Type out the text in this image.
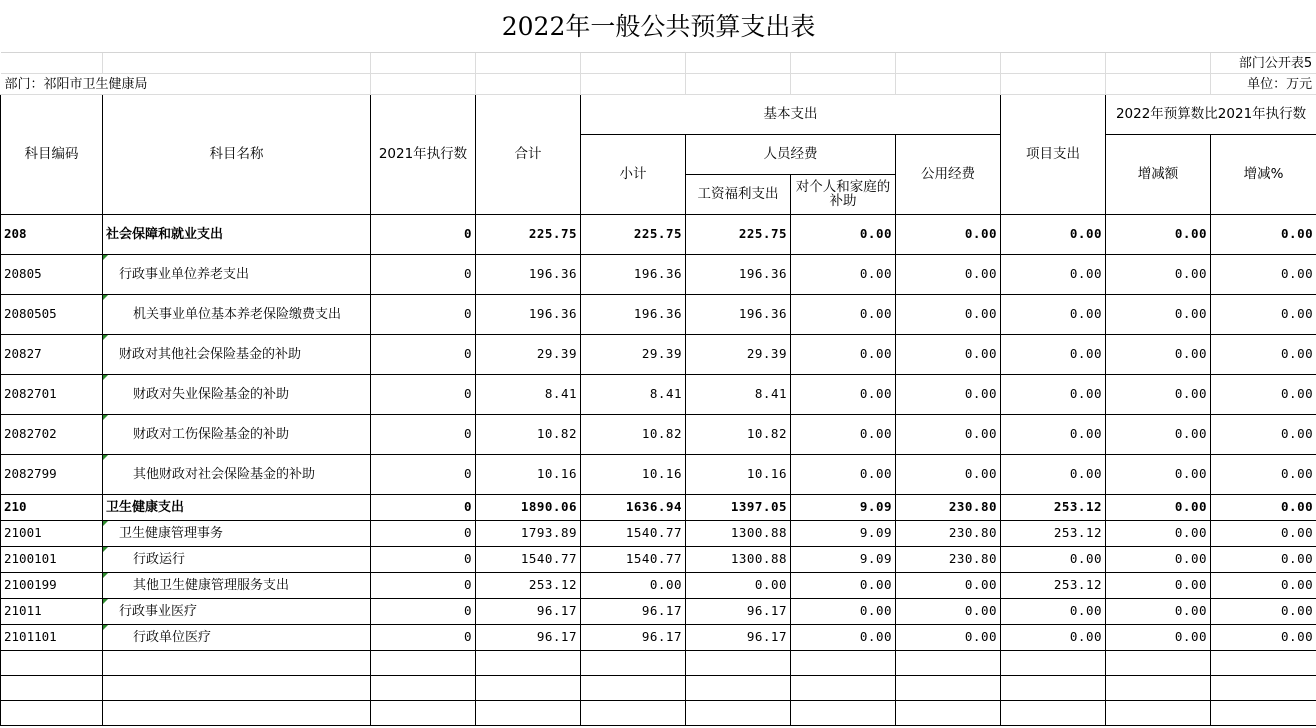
2022年一般公共预算支出表										
										部门公开表5
部门：祁阳市卫生健康局										单位：万元
科目编码	科目名称	2021年执行数	合计	基本支出				项目支出	2022年预算数比2021年执行数	
				小计	人员经费		公用经费		增减额	增减%
					工资福利支出	对个人和家庭的补助				
208	社会保障和就业支出	0	225.75	225.75	225.75	0.00	0.00	0.00	0.00	0.00
20805	行政事业单位养老支出	0	196.36	196.36	196.36	0.00	0.00	0.00	0.00	0.00
2080505	机关事业单位基本养老保险缴费支出	0	196.36	196.36	196.36	0.00	0.00	0.00	0.00	0.00
20827	财政对其他社会保险基金的补助	0	29.39	29.39	29.39	0.00	0.00	0.00	0.00	0.00
2082701	财政对失业保险基金的补助	0	8.41	8.41	8.41	0.00	0.00	0.00	0.00	0.00
2082702	财政对工伤保险基金的补助	0	10.82	10.82	10.82	0.00	0.00	0.00	0.00	0.00
2082799	其他财政对社会保险基金的补助	0	10.16	10.16	10.16	0.00	0.00	0.00	0.00	0.00
210	卫生健康支出	0	1890.06	1636.94	1397.05	9.09	230.80	253.12	0.00	0.00
21001	卫生健康管理事务	0	1793.89	1540.77	1300.88	9.09	230.80	253.12	0.00	0.00
2100101	行政运行	0	1540.77	1540.77	1300.88	9.09	230.80	0.00	0.00	0.00
2100199	其他卫生健康管理服务支出	0	253.12	0.00	0.00	0.00	0.00	253.12	0.00	0.00
21011	行政事业医疗	0	96.17	96.17	96.17	0.00	0.00	0.00	0.00	0.00
2101101	行政单位医疗	0	96.17	96.17	96.17	0.00	0.00	0.00	0.00	0.00
